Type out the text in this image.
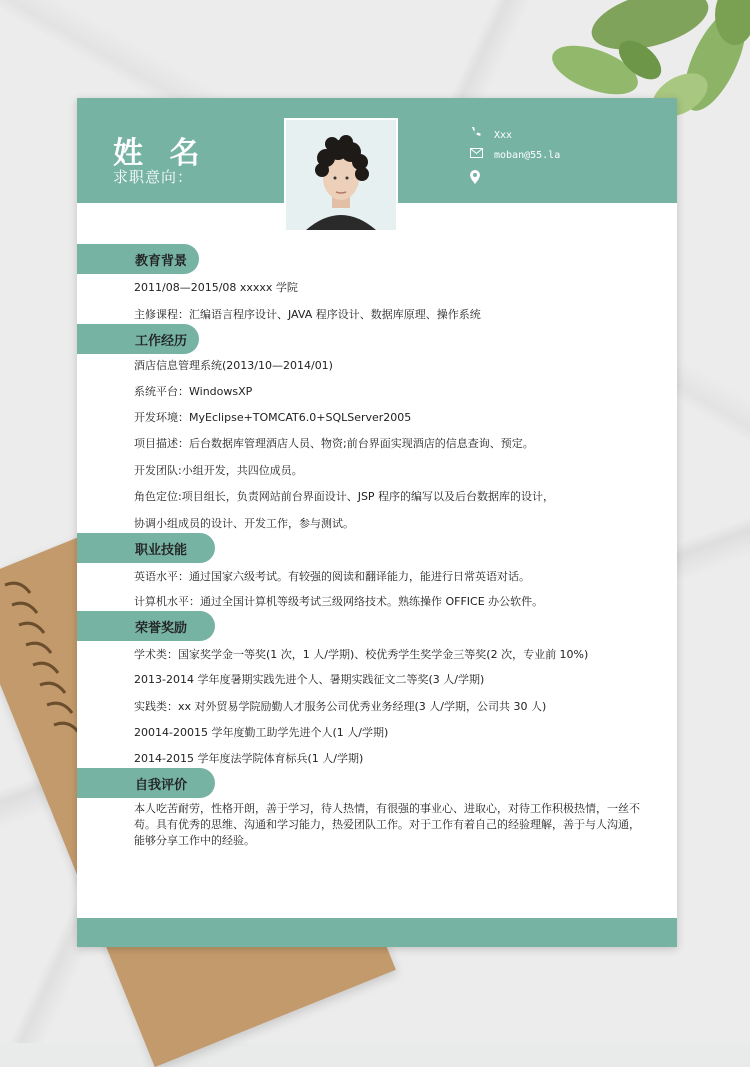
姓 名
求职意向：
Xxx
moban@55.la
教育背景
2011/08—2015/08 xxxxx 学院
主修课程：汇编语言程序设计、JAVA 程序设计、数据库原理、操作系统
工作经历
酒店信息管理系统(2013/10—2014/01)
系统平台：WindowsXP
开发环境：MyEclipse+TOMCAT6.0+SQLServer2005
项目描述：后台数据库管理酒店人员、物资;前台界面实现酒店的信息查询、预定。
开发团队:小组开发，共四位成员。
角色定位:项目组长，负责网站前台界面设计、JSP 程序的编写以及后台数据库的设计，
协调小组成员的设计、开发工作，参与测试。
职业技能
英语水平：通过国家六级考试。有较强的阅读和翻译能力，能进行日常英语对话。
计算机水平：通过全国计算机等级考试三级网络技术。熟练操作 OFFICE 办公软件。
荣誉奖励
学术类：国家奖学金一等奖(1 次，1 人/学期)、校优秀学生奖学金三等奖(2 次，专业前 10%)
2013-2014 学年度暑期实践先进个人、暑期实践征文二等奖(3 人/学期)
实践类：xx 对外贸易学院励勤人才服务公司优秀业务经理(3 人/学期，公司共 30 人)
20014-20015 学年度勤工助学先进个人(1 人/学期)
2014-2015 学年度法学院体育标兵(1 人/学期)
自我评价
本人吃苦耐劳，性格开朗，善于学习，待人热情，有很强的事业心、进取心，对待工作积极热情，一丝不苟。具有优秀的思维、沟通和学习能力，热爱团队工作。对于工作有着自己的经验理解，善于与人沟通，能够分享工作中的经验。
